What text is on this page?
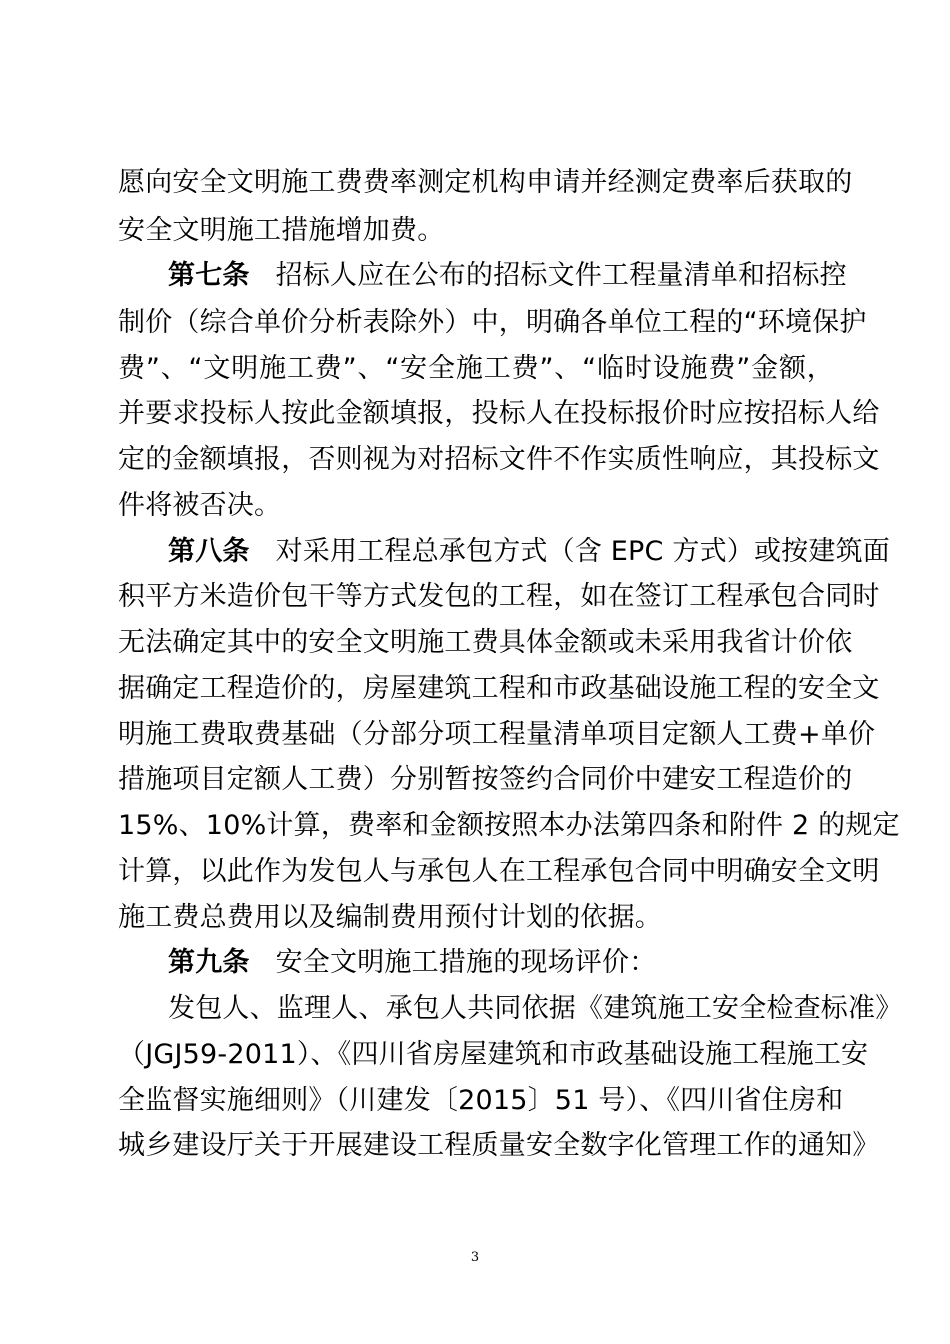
愿向安全文明施工费费率测定机构申请并经测定费率后获取的
安全文明施工措施增加费。
第七条 招标人应在公布的招标文件工程量清单和招标控
制价（综合单价分析表除外）中，明确各单位工程的“环境保护
费”、“文明施工费”、“安全施工费”、“临时设施费”金额，
并要求投标人按此金额填报，投标人在投标报价时应按招标人给
定的金额填报，否则视为对招标文件不作实质性响应，其投标文
件将被否决。
第八条 对采用工程总承包方式（含 EPC 方式）或按建筑面
积平方米造价包干等方式发包的工程，如在签订工程承包合同时
无法确定其中的安全文明施工费具体金额或未采用我省计价依
据确定工程造价的，房屋建筑工程和市政基础设施工程的安全文
明施工费取费基础（分部分项工程量清单项目定额人工费+单价
措施项目定额人工费）分别暂按签约合同价中建安工程造价的
15%、10%计算，费率和金额按照本办法第四条和附件 2 的规定
计算，以此作为发包人与承包人在工程承包合同中明确安全文明
施工费总费用以及编制费用预付计划的依据。
第九条 安全文明施工措施的现场评价：
发包人、监理人、承包人共同依据《建筑施工安全检查标准》
（JGJ59-2011）、《四川省房屋建筑和市政基础设施工程施工安
全监督实施细则》（川建发〔2015〕51 号）、《四川省住房和
城乡建设厅关于开展建设工程质量安全数字化管理工作的通知》
3
